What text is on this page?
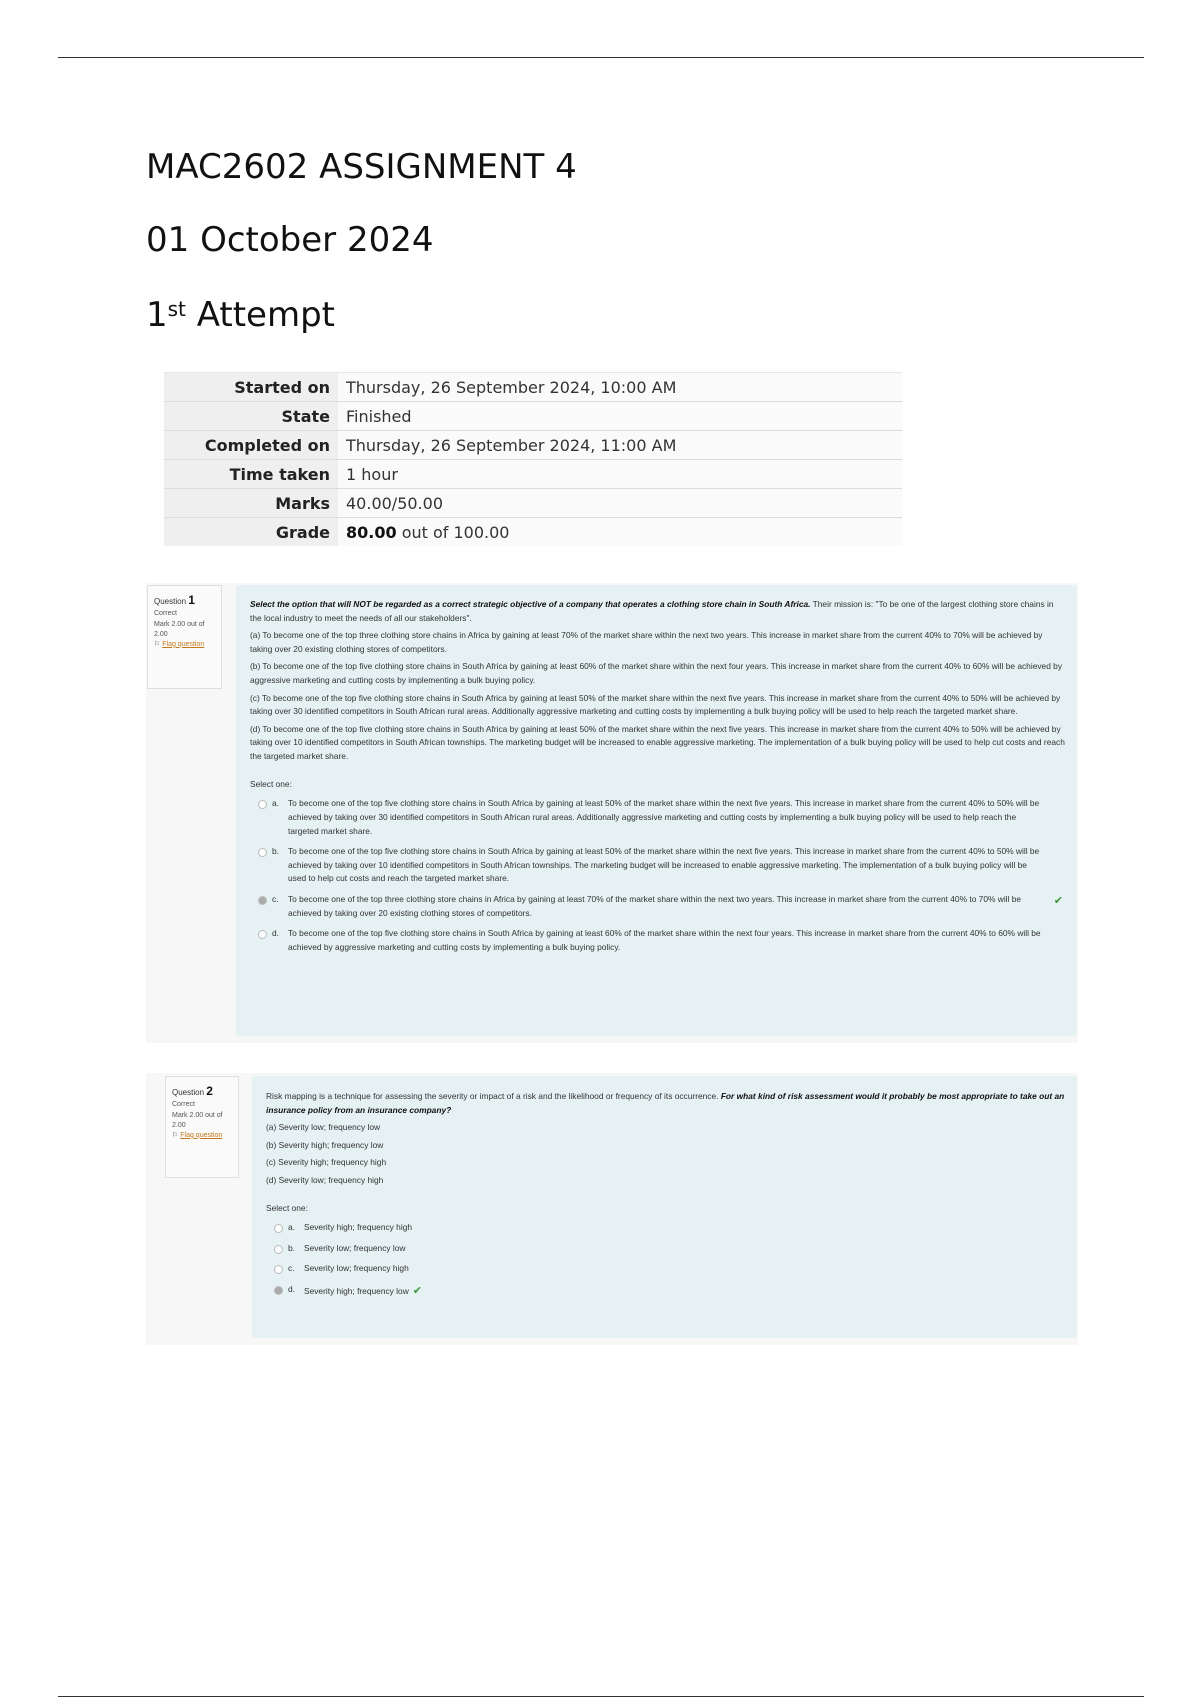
MAC2602 ASSIGNMENT 4
01 October 2024
1st Attempt
Started on	Thursday, 26 September 2024, 10:00 AM
State	Finished
Completed on	Thursday, 26 September 2024, 11:00 AM
Time taken	1 hour
Marks	40.00/50.00
Grade	80.00 out of 100.00
Question 1
Correct
Mark 2.00 out of 2.00
⚐ Flag question

Select the option that will NOT be regarded as a correct strategic objective of a company that operates a clothing store chain in South Africa. Their mission is: "To be one of the largest clothing store chains in the local industry to meet the needs of all our stakeholders".

(a) To become one of the top three clothing store chains in Africa by gaining at least 70% of the market share within the next two years. This increase in market share from the current 40% to 70% will be achieved by taking over 20 existing clothing stores of competitors.

(b) To become one of the top five clothing store chains in South Africa by gaining at least 60% of the market share within the next four years. This increase in market share from the current 40% to 60% will be achieved by aggressive marketing and cutting costs by implementing a bulk buying policy.

(c) To become one of the top five clothing store chains in South Africa by gaining at least 50% of the market share within the next five years. This increase in market share from the current 40% to 50% will be achieved by taking over 30 identified competitors in South African rural areas. Additionally aggressive marketing and cutting costs by implementing a bulk buying policy will be used to help reach the targeted market share.

(d) To become one of the top five clothing store chains in South Africa by gaining at least 50% of the market share within the next five years. This increase in market share from the current 40% to 50% will be achieved by taking over 10 identified competitors in South African townships. The marketing budget will be increased to enable aggressive marketing. The implementation of a bulk buying policy will be used to help cut costs and reach the targeted market share.

Select one:

a. To become one of the top five clothing store chains in South Africa by gaining at least 50% of the market share within the next five years. This increase in market share from the current 40% to 50% will be achieved by taking over 30 identified competitors in South African rural areas. Additionally aggressive marketing and cutting costs by implementing a bulk buying policy will be used to help reach the targeted market share.
b. To become one of the top five clothing store chains in South Africa by gaining at least 50% of the market share within the next five years. This increase in market share from the current 40% to 50% will be achieved by taking over 10 identified competitors in South African townships. The marketing budget will be increased to enable aggressive marketing. The implementation of a bulk buying policy will be used to help cut costs and reach the targeted market share.
c. To become one of the top three clothing store chains in Africa by gaining at least 70% of the market share within the next two years. This increase in market share from the current 40% to 70% will be achieved by taking over 20 existing clothing stores of competitors.
✔
d. To become one of the top five clothing store chains in South Africa by gaining at least 60% of the market share within the next four years. This increase in market share from the current 40% to 60% will be achieved by aggressive marketing and cutting costs by implementing a bulk buying policy.
Question 2
Correct
Mark 2.00 out of 2.00
⚐ Flag question

Risk mapping is a technique for assessing the severity or impact of a risk and the likelihood or frequency of its occurrence. For what kind of risk assessment would it probably be most appropriate to take out an insurance policy from an insurance company?

(a) Severity low; frequency low

(b) Severity high; frequency low

(c) Severity high; frequency high

(d) Severity low; frequency high

Select one:

a. Severity high; frequency high
b. Severity low; frequency low
c. Severity low; frequency high
d. Severity high; frequency low ✔
